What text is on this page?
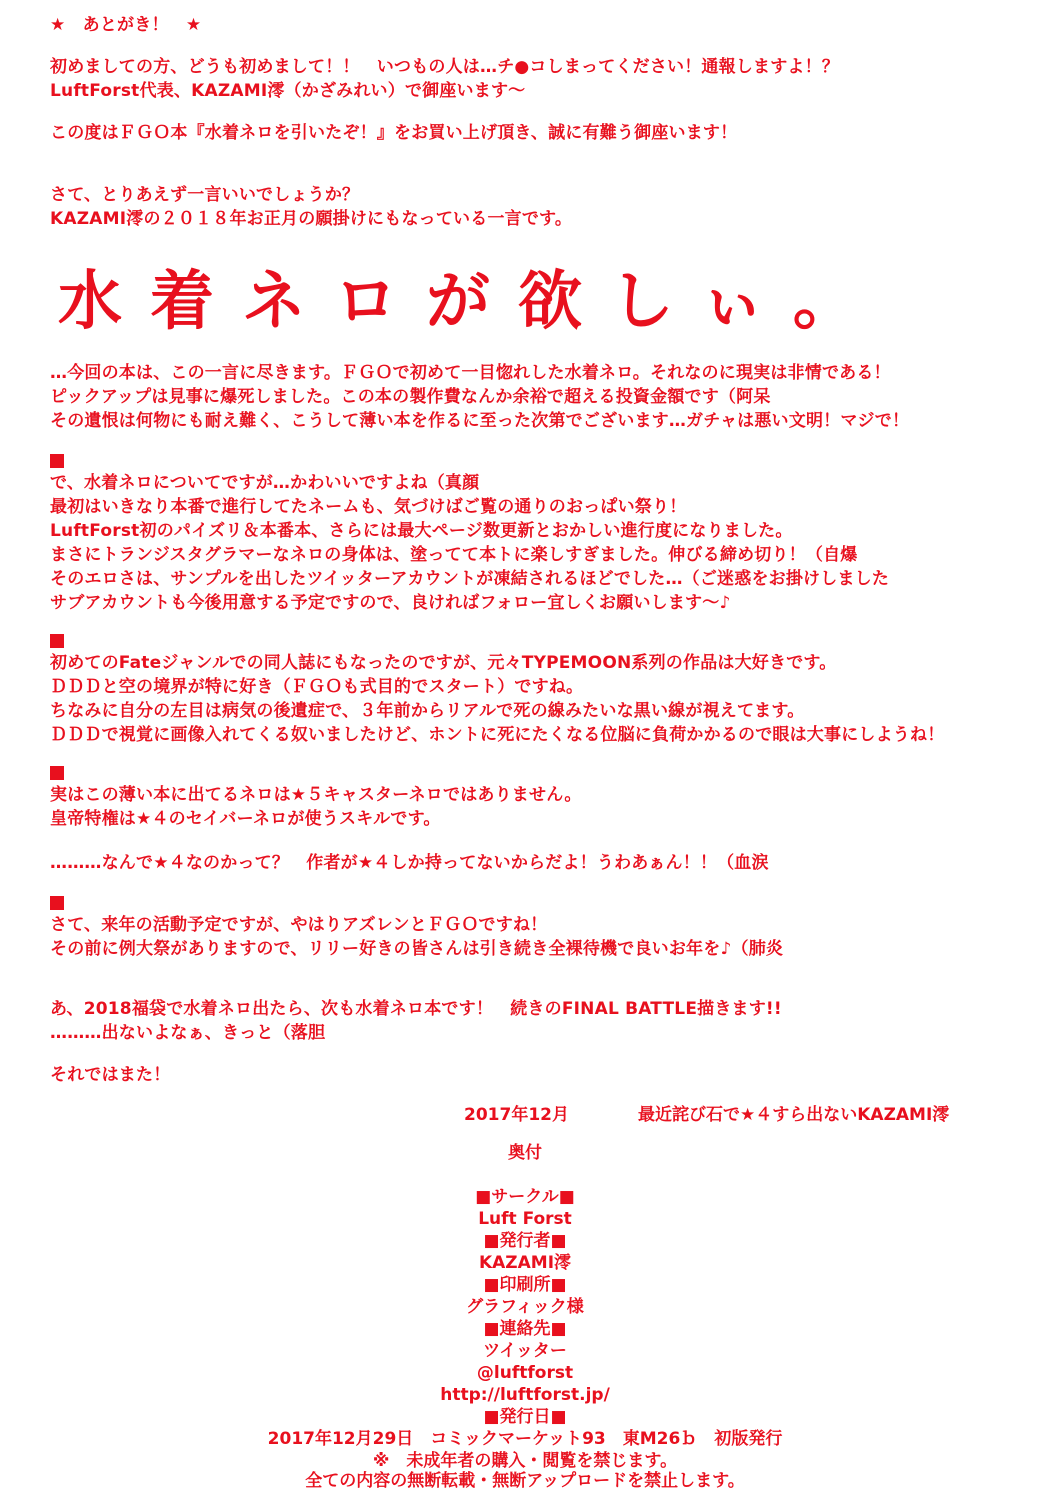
★　あとがき！　★
初めましての方、どうも初めまして！！　いつもの人は…チ●コしまってください！通報しますよ！？
LuftForst代表、KAZAMI澪（かざみれい）で御座います～
この度はＦＧＯ本『水着ネロを引いたぞ！』をお買い上げ頂き、誠に有難う御座います！
さて、とりあえず一言いいでしょうか？
KAZAMI澪の２０１８年お正月の願掛けにもなっている一言です。
水着ネロが欲しぃ。
…今回の本は、この一言に尽きます。ＦＧＯで初めて一目惚れした水着ネロ。それなのに現実は非情である！
ピックアップは見事に爆死しました。この本の製作費なんか余裕で超える投資金額です（阿呆
その遺恨は何物にも耐え難く、こうして薄い本を作るに至った次第でございます…ガチャは悪い文明！マジで！
で、水着ネロについてですが…かわいいですよね（真顔
最初はいきなり本番で進行してたネームも、気づけばご覧の通りのおっぱい祭り！
LuftForst初のパイズリ＆本番本、さらには最大ページ数更新とおかしい進行度になりました。
まさにトランジスタグラマーなネロの身体は、塗ってて本トに楽しすぎました。伸びる締め切り！（自爆
そのエロさは、サンプルを出したツイッターアカウントが凍結されるほどでした…（ご迷惑をお掛けしました
サブアカウントも今後用意する予定ですので、良ければフォロー宜しくお願いします～♪
初めてのFateジャンルでの同人誌にもなったのですが、元々TYPEMOON系列の作品は大好きです。
ＤＤＤと空の境界が特に好き（ＦＧＯも式目的でスタート）ですね。
ちなみに自分の左目は病気の後遺症で、３年前からリアルで死の線みたいな黒い線が視えてます。
ＤＤＤで視覚に画像入れてくる奴いましたけど、ホントに死にたくなる位脳に負荷かかるので眼は大事にしようね！
実はこの薄い本に出てるネロは★５キャスターネロではありません。
皇帝特権は★４のセイバーネロが使うスキルです。
………なんで★４なのかって？　作者が★４しか持ってないからだよ！うわあぁん！！（血涙
さて、来年の活動予定ですが、やはりアズレンとＦＧＯですね！
その前に例大祭がありますので、リリー好きの皆さんは引き続き全裸待機で良いお年を♪（肺炎
あ、2018福袋で水着ネロ出たら、次も水着ネロ本です！　続きのFINAL BATTLE描きます!!
………出ないよなぁ、きっと（落胆
それではまた！
2017年12月	最近詫び石で★４すら出ないKAZAMI澪
奥付
■サークル■
Luft Forst
■発行者■
KAZAMI澪
■印刷所■
グラフィック様
■連絡先■
ツイッター
@luftforst
http://luftforst.jp/
■発行日■
2017年12月29日　コミックマーケット93　東M26ｂ　初版発行
※　未成年者の購入・閲覧を禁じます。
全ての内容の無断転載・無断アップロードを禁止します。
